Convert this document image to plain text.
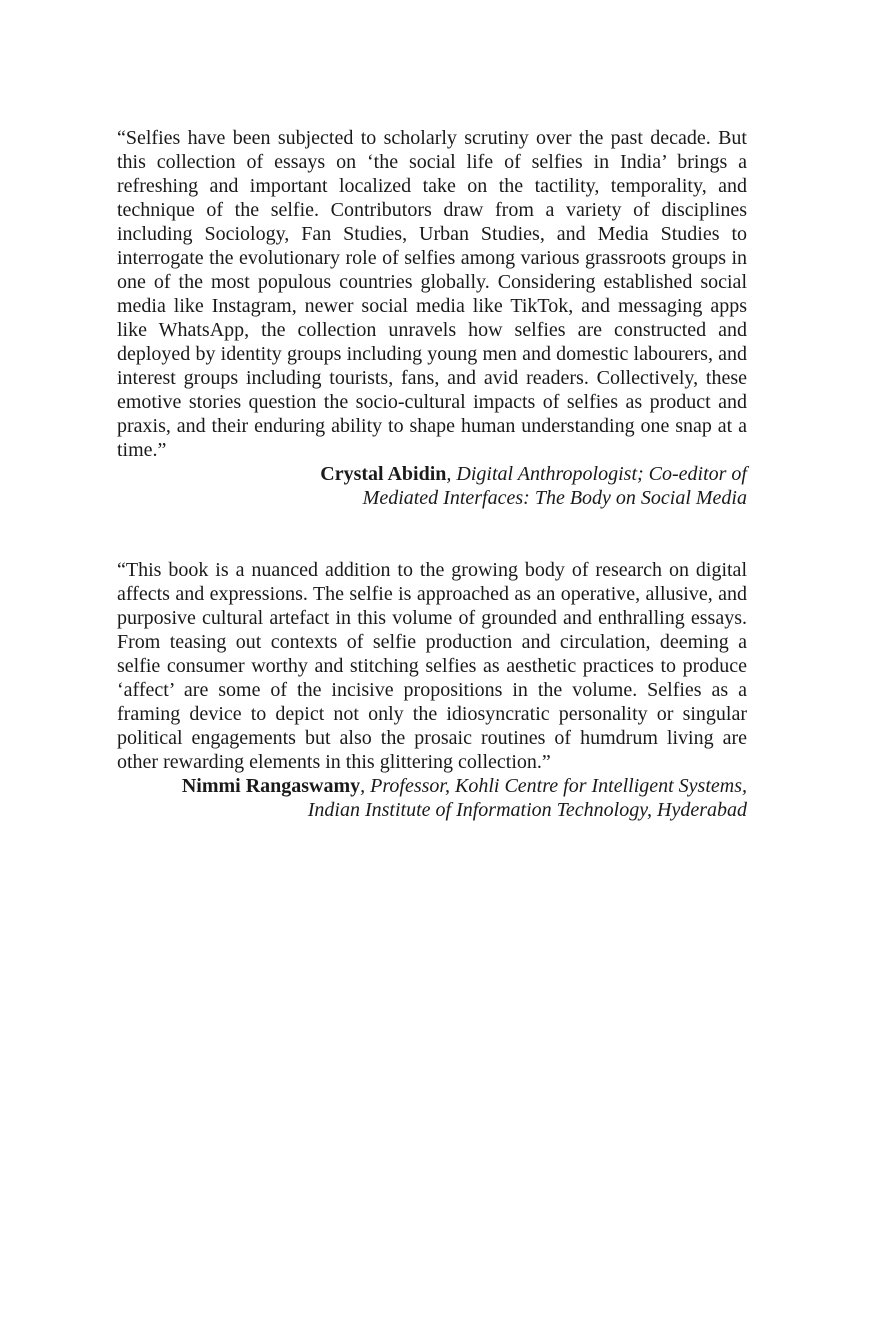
“Selfies have been subjected to scholarly scrutiny over the past decade. But this collection of essays on ‘the social life of selfies in India’ brings a refreshing and important localized take on the tactility, temporality, and technique of the selfie. Contributors draw from a variety of disciplines including Sociology, Fan Studies, Urban Studies, and Media Studies to interrogate the evolutionary role of selfies among various grassroots groups in one of the most populous countries globally. Considering established social media like Instagram, newer social media like TikTok, and messaging apps like WhatsApp, the collection unravels how selfies are constructed and deployed by identity groups including young men and domestic labourers, and interest groups including tourists, fans, and avid readers. Collectively, these emotive stories question the socio-cultural impacts of selfies as product and praxis, and their enduring ability to shape human understanding one snap at a time.”

Crystal Abidin, Digital Anthropologist; Co-editor of
Mediated Interfaces: The Body on Social Media

“This book is a nuanced addition to the growing body of research on digital affects and expressions. The selfie is approached as an operative, allusive, and purposive cultural artefact in this volume of grounded and enthralling essays. From teasing out contexts of selfie production and circulation, deeming a selfie consumer worthy and stitching selfies as aesthetic practices to produce ‘affect’ are some of the incisive propositions in the volume. Selfies as a framing device to depict not only the idiosyncratic personality or singular political engagements but also the prosaic routines of humdrum living are other rewarding elements in this glittering collection.”

Nimmi Rangaswamy, Professor, Kohli Centre for Intelligent Systems,
Indian Institute of Information Technology, Hyderabad
